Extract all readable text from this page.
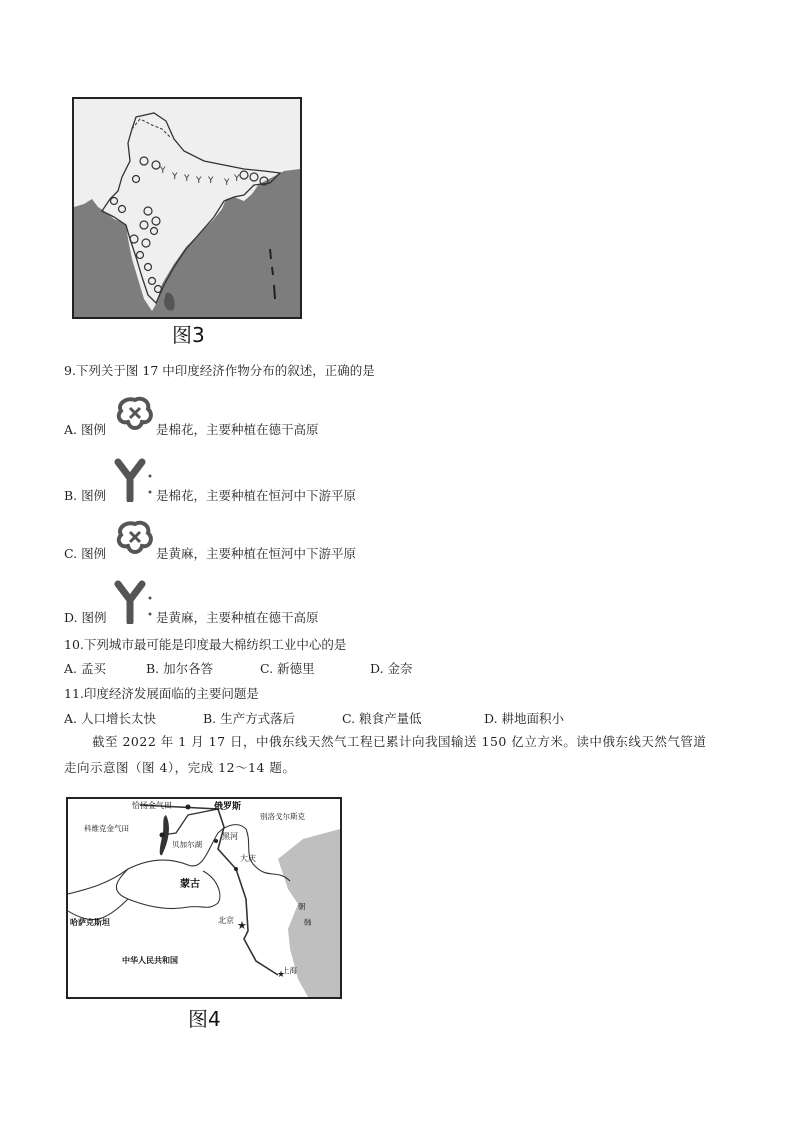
Y
Y Y Y Y Y Y
图3
9.下列关于图 17 中印度经济作物分布的叙述，正确的是
A. 图例	是棉花，主要种植在德干高原
B. 图例	是棉花，主要种植在恒河中下游平原
C. 图例	是黄麻，主要种植在恒河中下游平原
D. 图例	是黄麻，主要种植在德干高原
10.下列城市最可能是印度最大棉纺织工业中心的是
A. 孟买	B. 加尔各答	C. 新德里	D. 金奈
11.印度经济发展面临的主要问题是
A. 人口增长太快	B. 生产方式落后	C. 粮食产量低	D. 耕地面积小
截至 2022 年 1 月 17 日，中俄东线天然气工程已累计向我国输送 150 亿立方米。读中俄东线天然气管道
走向示意图（图 4），完成 12～14 题。
★
★
恰扬金气田	俄罗斯
别洛戈尔斯克
科维克金气田
黑河
贝加尔湖
大庆
蒙古
哈萨克斯坦	北京
中华人民共和国
上海
朝
韩
图4
